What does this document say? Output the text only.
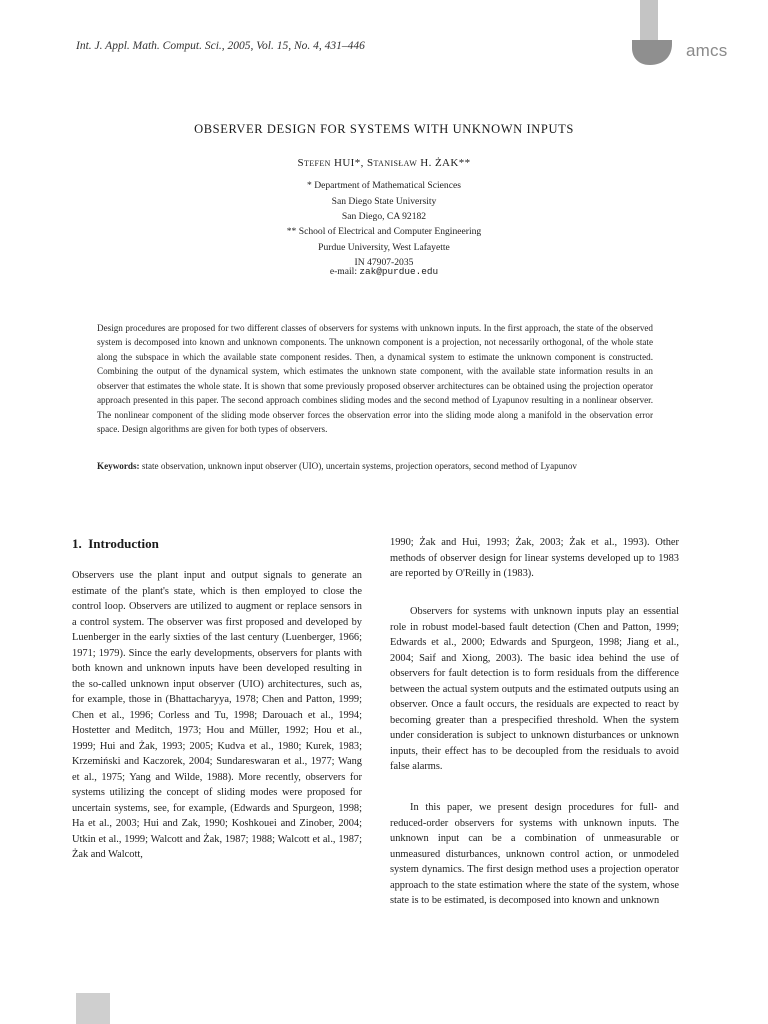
Int. J. Appl. Math. Comput. Sci., 2005, Vol. 15, No. 4, 431–446	amcs
OBSERVER DESIGN FOR SYSTEMS WITH UNKNOWN INPUTS
Stefen HUI*, Stanisław H. ŻAK**
* Department of Mathematical Sciences
San Diego State University
San Diego, CA 92182
** School of Electrical and Computer Engineering
Purdue University, West Lafayette
IN 47907-2035
e-mail: zak@purdue.edu

Design procedures are proposed for two different classes of observers for systems with unknown inputs. In the first approach, the state of the observed system is decomposed into known and unknown components. The unknown component is a projection, not necessarily orthogonal, of the whole state along the subspace in which the available state component resides. Then, a dynamical system to estimate the unknown component is constructed. Combining the output of the dynamical system, which estimates the unknown state component, with the available state information results in an observer that estimates the whole state. It is shown that some previously proposed observer architectures can be obtained using the projection operator approach presented in this paper. The second approach combines sliding modes and the second method of Lyapunov resulting in a nonlinear observer. The nonlinear component of the sliding mode observer forces the observation error into the sliding mode along a manifold in the observation error space. Design algorithms are given for both types of observers.

Keywords: state observation, unknown input observer (UIO), uncertain systems, projection operators, second method of Lyapunov

1. Introduction

Observers use the plant input and output signals to generate an estimate of the plant's state, which is then employed to close the control loop. Observers are utilized to augment or replace sensors in a control system. The observer was first proposed and developed by Luenberger in the early sixties of the last century (Luenberger, 1966; 1971; 1979). Since the early developments, observers for plants with both known and unknown inputs have been developed resulting in the so-called unknown input observer (UIO) architectures, such as, for example, those in (Bhattacharyya, 1978; Chen and Patton, 1999; Chen et al., 1996; Corless and Tu, 1998; Darouach et al., 1994; Hostetter and Meditch, 1973; Hou and Müller, 1992; Hou et al., 1999; Hui and Żak, 1993; 2005; Kudva et al., 1980; Kurek, 1983; Krzemiński and Kaczorek, 2004; Sundareswaran et al., 1977; Wang et al., 1975; Yang and Wilde, 1988). More recently, observers for systems utilizing the concept of sliding modes were proposed for uncertain systems, see, for example, (Edwards and Spurgeon, 1998; Ha et al., 2003; Hui and Zak, 1990; Koshkouei and Zinober, 2004; Utkin et al., 1999; Walcott and Żak, 1987; 1988; Walcott et al., 1987; Żak and Walcott,

1990; Żak and Hui, 1993; Żak, 2003; Żak et al., 1993). Other methods of observer design for linear systems developed up to 1983 are reported by O'Reilly in (1983).

Observers for systems with unknown inputs play an essential role in robust model-based fault detection (Chen and Patton, 1999; Edwards et al., 2000; Edwards and Spurgeon, 1998; Jiang et al., 2004; Saif and Xiong, 2003). The basic idea behind the use of observers for fault detection is to form residuals from the difference between the actual system outputs and the estimated outputs using an observer. Once a fault occurs, the residuals are expected to react by becoming greater than a prespecified threshold. When the system under consideration is subject to unknown disturbances or unknown inputs, their effect has to be decoupled from the residuals to avoid false alarms.

In this paper, we present design procedures for full- and reduced-order observers for systems with unknown inputs. The unknown input can be a combination of unmeasurable or unmeasured disturbances, unknown control action, or unmodeled system dynamics. The first design method uses a projection operator approach to the state estimation where the state of the system, whose state is to be estimated, is decomposed into known and unknown
